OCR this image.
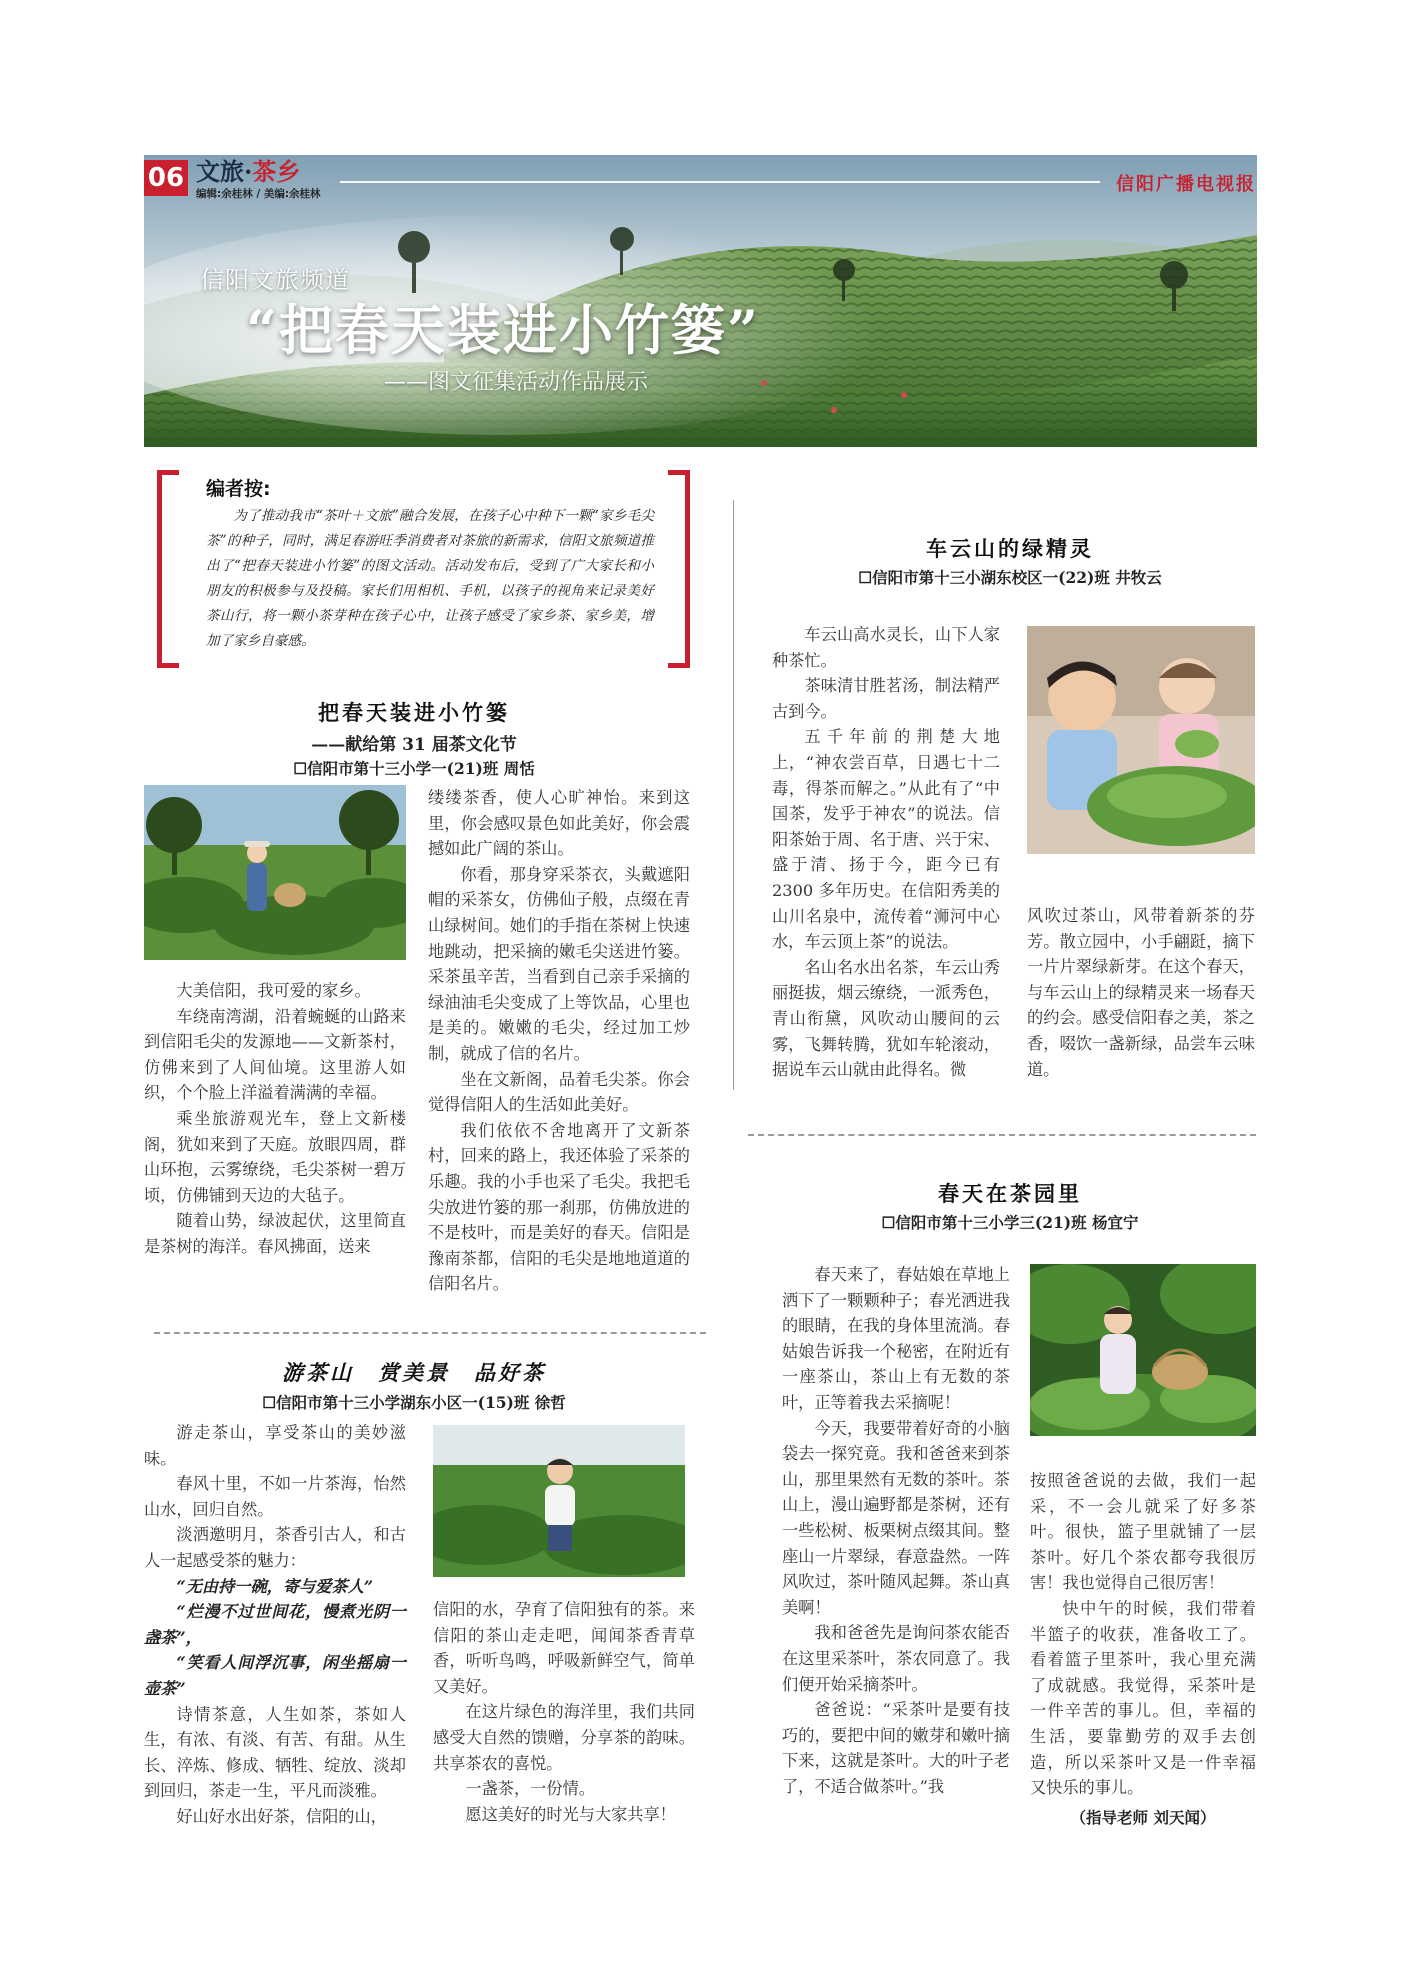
06 文旅·茶乡
编辑:余桂林 / 美编:余桂林	信阳广播电视报
信阳文旅频道
“把春天装进小竹篓”
——图文征集活动作品展示
编者按:
为了推动我市“茶叶＋文旅”融合发展，在孩子心中种下一颗“家乡毛尖茶”的种子，同时，满足春游旺季消费者对茶旅的新需求，信阳文旅频道推出了“把春天装进小竹篓”的图文活动。活动发布后，受到了广大家长和小朋友的积极参与及投稿。家长们用相机、手机，以孩子的视角来记录美好茶山行，将一颗小茶芽种在孩子心中，让孩子感受了家乡茶、家乡美，增加了家乡自豪感。
把春天装进小竹篓
——献给第 31 届茶文化节
☐信阳市第十三小学一(21)班 周恬

大美信阳，我可爱的家乡。

车绕南湾湖，沿着蜿蜒的山路来到信阳毛尖的发源地——文新茶村，仿佛来到了人间仙境。这里游人如织，个个脸上洋溢着满满的幸福。

乘坐旅游观光车，登上文新楼阁，犹如来到了天庭。放眼四周，群山环抱，云雾缭绕，毛尖茶树一碧万顷，仿佛铺到天边的大毡子。

随着山势，绿波起伏，这里简直是茶树的海洋。春风拂面，送来

缕缕茶香，使人心旷神怡。来到这里，你会感叹景色如此美好，你会震撼如此广阔的茶山。

你看，那身穿采茶衣，头戴遮阳帽的采茶女，仿佛仙子般，点缀在青山绿树间。她们的手指在茶树上快速地跳动，把采摘的嫩毛尖送进竹篓。采茶虽辛苦，当看到自己亲手采摘的绿油油毛尖变成了上等饮品，心里也是美的。嫩嫩的毛尖，经过加工炒制，就成了信的名片。

坐在文新阁，品着毛尖茶。你会觉得信阳人的生活如此美好。

我们依依不舍地离开了文新茶村，回来的路上，我还体验了采茶的乐趣。我的小手也采了毛尖。我把毛尖放进竹篓的那一刹那，仿佛放进的不是枝叶，而是美好的春天。信阳是豫南茶都，信阳的毛尖是地地道道的信阳名片。

游茶山　赏美景　品好茶
☐信阳市第十三小学湖东小区一(15)班 徐哲

游走茶山，享受茶山的美妙滋味。

春风十里，不如一片茶海，怡然山水，回归自然。

淡洒邀明月，茶香引古人，和古人一起感受茶的魅力：

“无由持一碗，寄与爱茶人”

“烂漫不过世间花，慢煮光阴一盏茶”，

“笑看人间浮沉事，闲坐摇扇一壶茶”

诗情茶意，人生如茶，茶如人生，有浓、有淡、有苦、有甜。从生长、淬炼、修成、牺牲、绽放、淡却到回归，茶走一生，平凡而淡雅。

好山好水出好茶，信阳的山，

信阳的水，孕育了信阳独有的茶。来信阳的茶山走走吧，闻闻茶香青草香，听听鸟鸣，呼吸新鲜空气，简单又美好。

在这片绿色的海洋里，我们共同感受大自然的馈赠，分享茶的韵味。共享茶农的喜悦。

一盏茶，一份情。

愿这美好的时光与大家共享！

车云山的绿精灵
☐信阳市第十三小湖东校区一(22)班 井牧云

车云山高水灵长，山下人家种茶忙。

茶味清甘胜茗汤，制法精严古到今。

五千年前的荆楚大地上，“神农尝百草，日遇七十二毒，得茶而解之。”从此有了“中国茶，发乎于神农”的说法。信阳茶始于周、名于唐、兴于宋、盛于清、扬于今，距今已有 2300 多年历史。在信阳秀美的山川名泉中，流传着“浉河中心水，车云顶上茶”的说法。

名山名水出名茶，车云山秀丽挺拔，烟云缭绕，一派秀色，青山衔黛，风吹动山腰间的云雾，飞舞转腾，犹如车轮滚动，据说车云山就由此得名。微

风吹过茶山，风带着新茶的芬芳。散立园中，小手翩跹，摘下一片片翠绿新芽。在这个春天，与车云山上的绿精灵来一场春天的约会。感受信阳春之美，茶之香，啜饮一盏新绿，品尝车云味道。

春天在茶园里
☐信阳市第十三小学三(21)班 杨宜宁

春天来了，春姑娘在草地上洒下了一颗颗种子；春光洒进我的眼睛，在我的身体里流淌。春姑娘告诉我一个秘密，在附近有一座茶山，茶山上有无数的茶叶，正等着我去采摘呢！

今天，我要带着好奇的小脑袋去一探究竟。我和爸爸来到茶山，那里果然有无数的茶叶。茶山上，漫山遍野都是茶树，还有一些松树、板栗树点缀其间。整座山一片翠绿，春意盎然。一阵风吹过，茶叶随风起舞。茶山真美啊！

我和爸爸先是询问茶农能否在这里采茶叶，茶农同意了。我们便开始采摘茶叶。

爸爸说：“采茶叶是要有技巧的，要把中间的嫩芽和嫩叶摘下来，这就是茶叶。大的叶子老了，不适合做茶叶。”我

按照爸爸说的去做，我们一起采，不一会儿就采了好多茶叶。很快，篮子里就铺了一层茶叶。好几个茶农都夸我很厉害！我也觉得自己很厉害！

快中午的时候，我们带着半篮子的收获，准备收工了。看着篮子里茶叶，我心里充满了成就感。我觉得，采茶叶是一件辛苦的事儿。但，幸福的生活，要靠勤劳的双手去创造，所以采茶叶又是一件幸福又快乐的事儿。

（指导老师 刘天闻）
